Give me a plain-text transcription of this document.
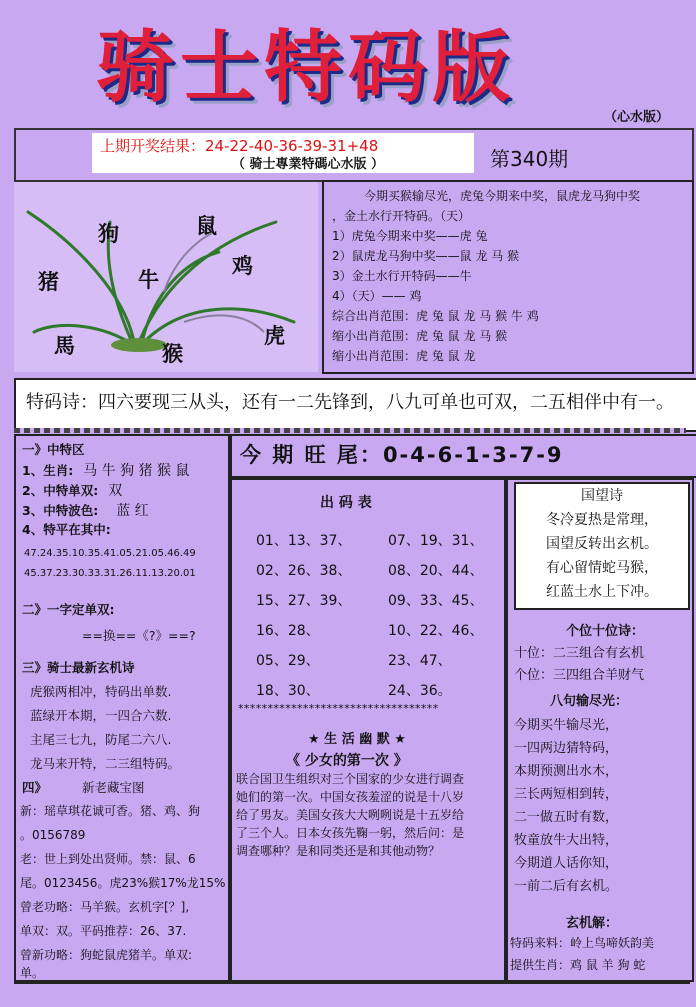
骑士特码版
（心水版）
上期开奖结果：24-22-40-36-39-31+48
（ 骑士專業特碼心水版 ）	第340期
狗	鼠
猪	牛
鸡
馬	猴
虎
今期买猴输尽光，虎兔今期来中奖，鼠虎龙马狗中奖
，金土水行开特码。（天）
1）虎兔今期来中奖——虎 兔
2）鼠虎龙马狗中奖——鼠 龙 马 猴
3）金土水行开特码——牛
4）（天）—— 鸡
综合出肖范围：虎 兔 鼠 龙 马 猴 牛 鸡
缩小出肖范围：虎 兔 鼠 龙 马 猴
缩小出肖范围：虎 兔 鼠 龙
特码诗：四六要现三从头，还有一二先锋到，八九可单也可双，二五相伴中有一。
一》中特区
1、生肖: 马 牛 狗 猪 猴 鼠
2、中特单双: 双
3、中特波色: 蓝 红
4、特平在其中:
47.24.35.10.35.41.05.21.05.46.49
45.37.23.30.33.31.26.11.13.20.01
二》一字定单双:
==换==《?》==?
三》骑士最新玄机诗
虎猴两相冲，特码出单数.
蓝绿开本期，一四合六数.
主尾三七九，防尾二六八.
龙马来开特，二三组特码。
四》	新老藏宝图
新：瑶草琪花诚可香。猪、鸡、狗
。0156789
老：世上到处出贤师。禁：鼠、6
尾。0123456。虎23%猴17%龙15%
曾老功略：马羊猴。玄机字[？],
单双：双。平码推荐：26、37.
曾新功略：狗蛇鼠虎猪羊。单双:
单。
今 期 旺 尾：0-4-6-1-3-7-9
出 码 表
01、13、37、	07、19、31、
02、26、38、	08、20、44、
15、27、39、	09、33、45、
16、28、	10、22、46、
05、29、	23、47、
18、30、	24、36。
**********************************
★ 生 活 幽 默 ★
《 少女的第一次 》
联合国卫生组织对三个国家的少女进行调查
她们的第一次。中国女孩羞涩的说是十八岁
给了男友。美国女孩大大咧咧说是十五岁给
了三个人。日本女孩先鞠一躬，然后问：是
调查哪种？是和同类还是和其他动物？
个位十位诗：
十位：二三组合有玄机
个位：三四组合羊财气
八句输尽光：
今期买牛输尽光，
一四两边猜特码，
本期预测出水木，
三长两短相到转，
二一做五时有数，
牧童放牛大出特，
今期道人话你知，
一前二后有玄机。
玄机解：
特码来料：岭上鸟啼妖韵美
提供生肖：鸡 鼠 羊 狗 蛇
国望诗
冬冷夏热是常理，
国望反转出玄机。
有心留情蛇马猴，
红蓝土水上下冲。
